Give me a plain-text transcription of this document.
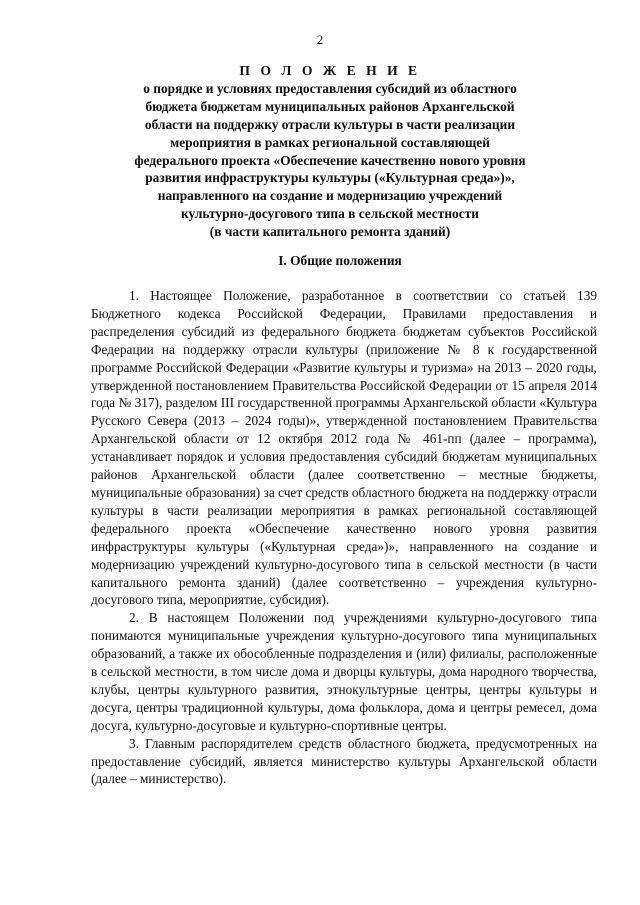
2
П О Л О Ж Е Н И Е
о порядке и условиях предоставления субсидий из областного
бюджета бюджетам муниципальных районов Архангельской
области на поддержку отрасли культуры в части реализации
мероприятия в рамках региональной составляющей
федерального проекта «Обеспечение качественно нового уровня
развития инфраструктуры культуры («Культурная среда»)»,
направленного на создание и модернизацию учреждений
культурно-досугового типа в сельской местности
(в части капитального ремонта зданий)
I. Общие положения

1. Настоящее Положение, разработанное в соответствии со статьей 139 Бюджетного кодекса Российской Федерации, Правилами предоставления и распределения субсидий из федерального бюджета бюджетам субъектов Российской Федерации на поддержку отрасли культуры (приложение № 8 к государственной программе Российской Федерации «Развитие культуры и туризма» на 2013 – 2020 годы, утвержденной постановлением Правительства Российской Федерации от 15 апреля 2014 года № 317), разделом III государственной программы Архангельской области «Культура Русского Севера (2013 – 2024 годы)», утвержденной постановлением Правительства Архангельской области от 12 октября 2012 года № 461-пп (далее – программа), устанавливает порядок и условия предоставления субсидий бюджетам муниципальных районов Архангельской области (далее соответственно – местные бюджеты, муниципальные образования) за счет средств областного бюджета на поддержку отрасли культуры в части реализации мероприятия в рамках региональной составляющей федерального проекта «Обеспечение качественно нового уровня развития инфраструктуры культуры («Культурная среда»)», направленного на создание и модернизацию учреждений культурно-досугового типа в сельской местности (в части капитального ремонта зданий) (далее соответственно – учреждения культурно-досугового типа, мероприятие, субсидия).

2. В настоящем Положении под учреждениями культурно-досугового типа понимаются муниципальные учреждения культурно-досугового типа муниципальных образований, а также их обособленные подразделения и (или) филиалы, расположенные в сельской местности, в том числе дома и дворцы культуры, дома народного творчества, клубы, центры культурного развития, этнокультурные центры, центры культуры и досуга, центры традиционной культуры, дома фольклора, дома и центры ремесел, дома досуга, культурно-досуговые и культурно-спортивные центры.

3. Главным распорядителем средств областного бюджета, предусмотренных на предоставление субсидий, является министерство культуры Архангельской области (далее – министерство).
